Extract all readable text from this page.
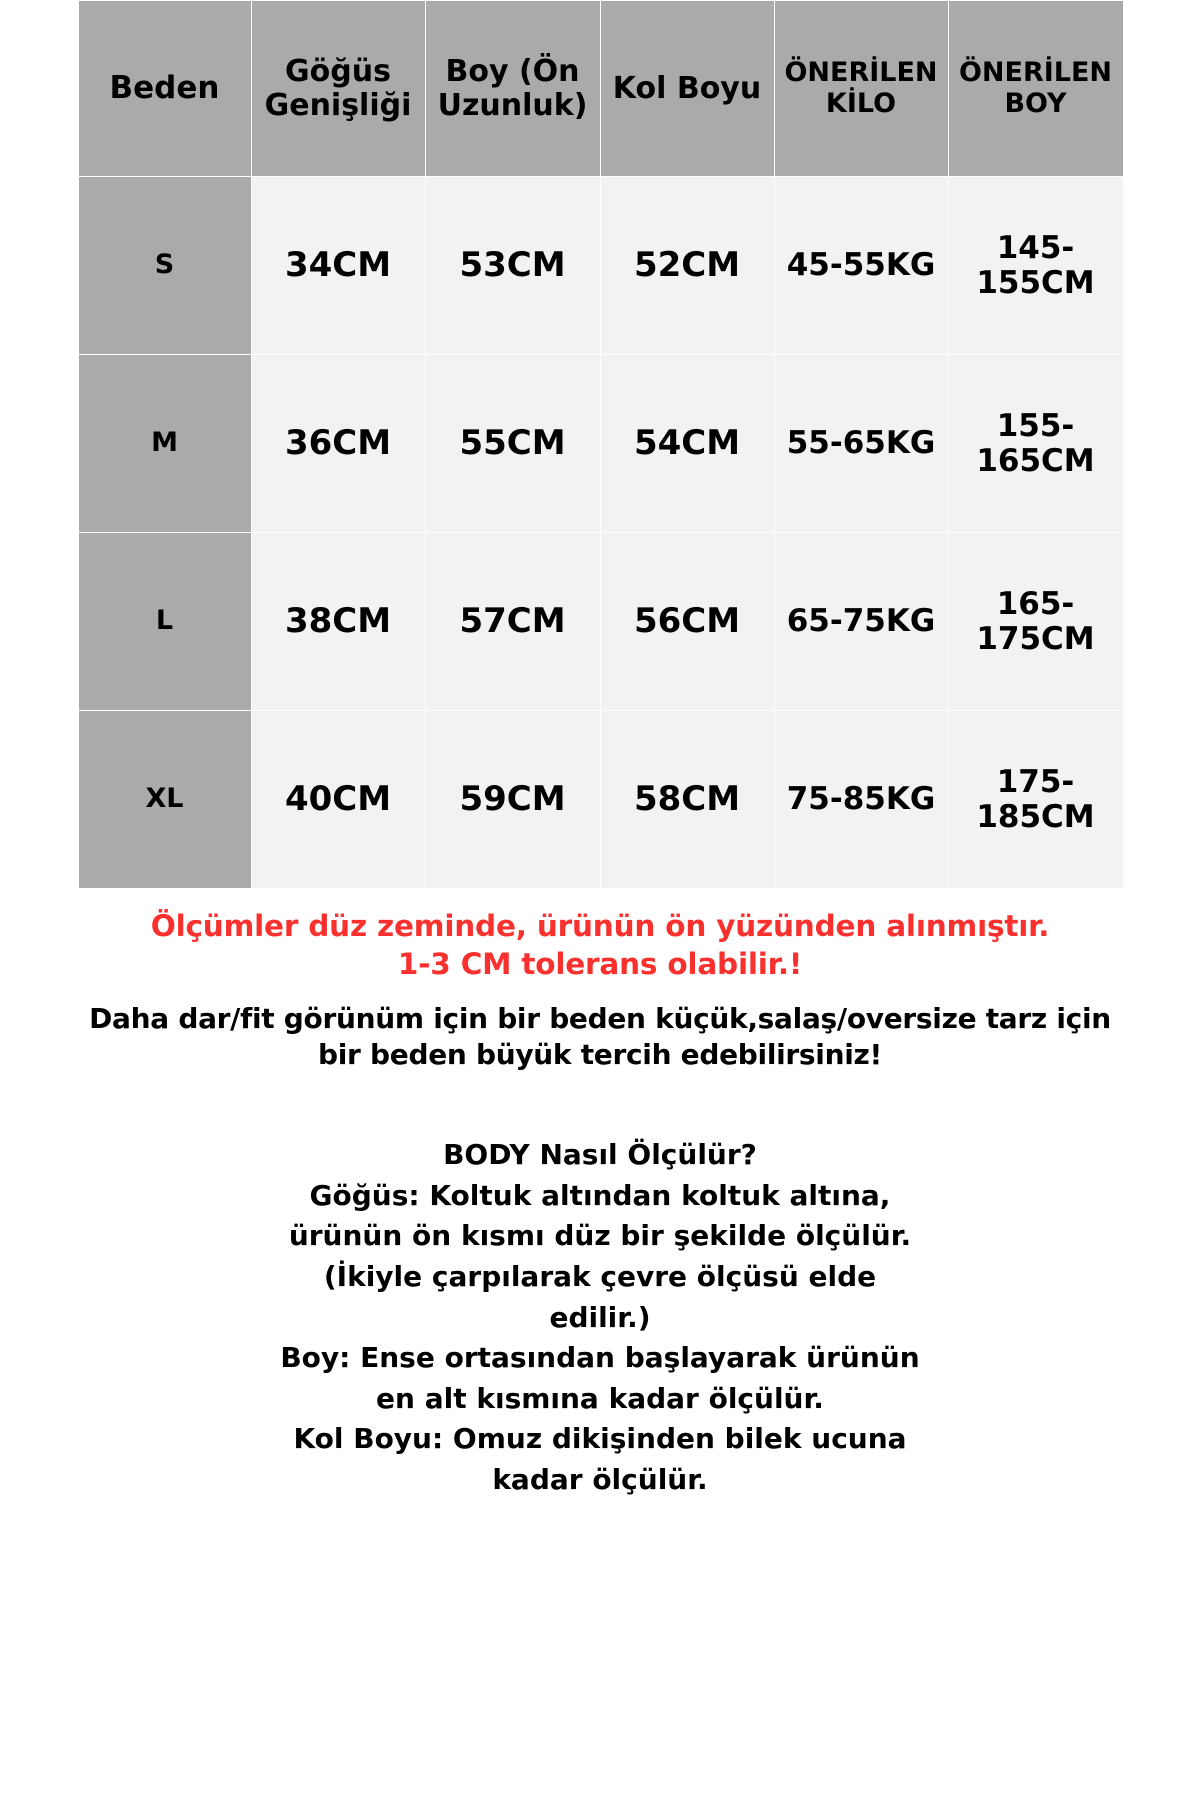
Beden	Göğüs Genişliği	Boy (Ön Uzunluk)	Kol Boyu	ÖNERİLEN KİLO	ÖNERİLEN BOY
S	34CM	53CM	52CM	45-55KG	145-155CM
M	36CM	55CM	54CM	55-65KG	155-165CM
L	38CM	57CM	56CM	65-75KG	165-175CM
XL	40CM	59CM	58CM	75-85KG	175-185CM
Ölçümler düz zeminde, ürünün ön yüzünden alınmıştır.
1-3 CM tolerans olabilir.!
Daha dar/fit görünüm için bir beden küçük,salaş/oversize tarz için
bir beden büyük tercih edebilirsiniz!
BODY Nasıl Ölçülür?
Göğüs: Koltuk altından koltuk altına,
ürünün ön kısmı düz bir şekilde ölçülür.
(İkiyle çarpılarak çevre ölçüsü elde
edilir.)
Boy: Ense ortasından başlayarak ürünün
en alt kısmına kadar ölçülür.
Kol Boyu: Omuz dikişinden bilek ucuna
kadar ölçülür.
